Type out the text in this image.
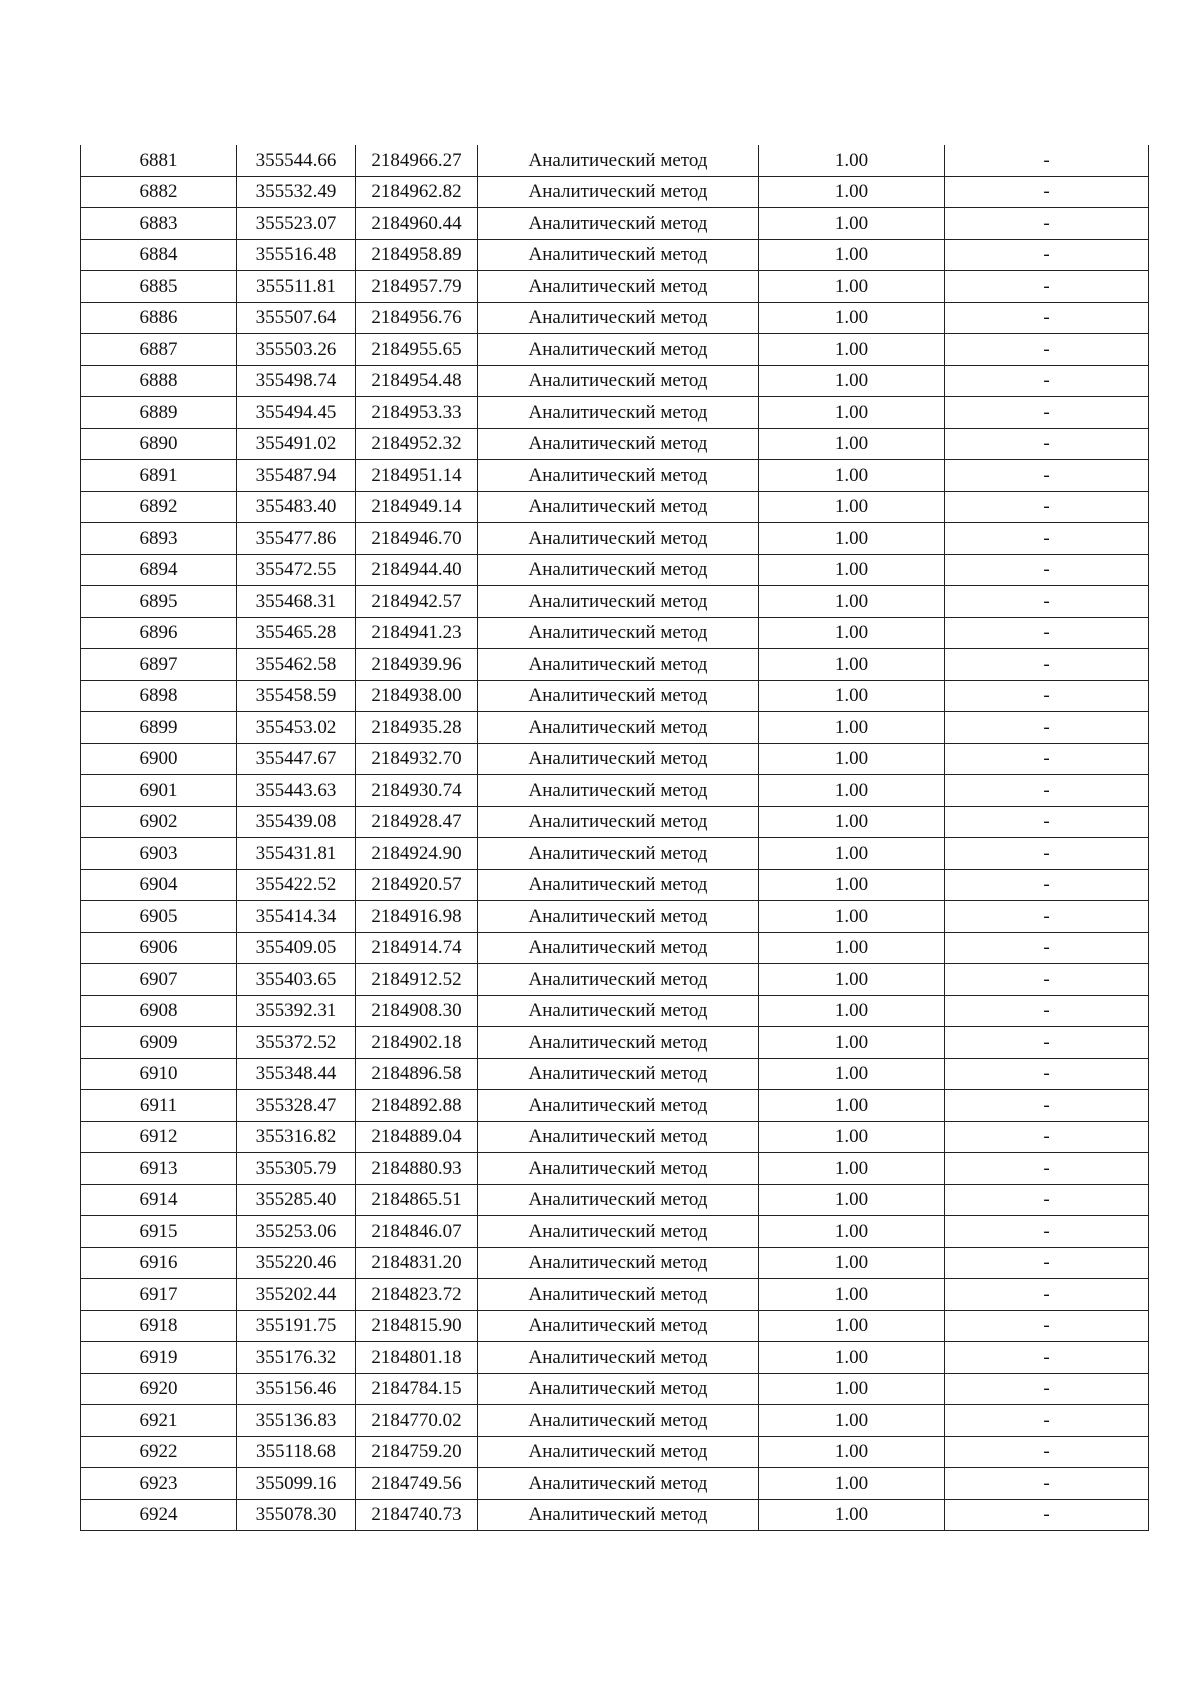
6881	355544.66	2184966.27	Аналитический метод	1.00	-
6882	355532.49	2184962.82	Аналитический метод	1.00	-
6883	355523.07	2184960.44	Аналитический метод	1.00	-
6884	355516.48	2184958.89	Аналитический метод	1.00	-
6885	355511.81	2184957.79	Аналитический метод	1.00	-
6886	355507.64	2184956.76	Аналитический метод	1.00	-
6887	355503.26	2184955.65	Аналитический метод	1.00	-
6888	355498.74	2184954.48	Аналитический метод	1.00	-
6889	355494.45	2184953.33	Аналитический метод	1.00	-
6890	355491.02	2184952.32	Аналитический метод	1.00	-
6891	355487.94	2184951.14	Аналитический метод	1.00	-
6892	355483.40	2184949.14	Аналитический метод	1.00	-
6893	355477.86	2184946.70	Аналитический метод	1.00	-
6894	355472.55	2184944.40	Аналитический метод	1.00	-
6895	355468.31	2184942.57	Аналитический метод	1.00	-
6896	355465.28	2184941.23	Аналитический метод	1.00	-
6897	355462.58	2184939.96	Аналитический метод	1.00	-
6898	355458.59	2184938.00	Аналитический метод	1.00	-
6899	355453.02	2184935.28	Аналитический метод	1.00	-
6900	355447.67	2184932.70	Аналитический метод	1.00	-
6901	355443.63	2184930.74	Аналитический метод	1.00	-
6902	355439.08	2184928.47	Аналитический метод	1.00	-
6903	355431.81	2184924.90	Аналитический метод	1.00	-
6904	355422.52	2184920.57	Аналитический метод	1.00	-
6905	355414.34	2184916.98	Аналитический метод	1.00	-
6906	355409.05	2184914.74	Аналитический метод	1.00	-
6907	355403.65	2184912.52	Аналитический метод	1.00	-
6908	355392.31	2184908.30	Аналитический метод	1.00	-
6909	355372.52	2184902.18	Аналитический метод	1.00	-
6910	355348.44	2184896.58	Аналитический метод	1.00	-
6911	355328.47	2184892.88	Аналитический метод	1.00	-
6912	355316.82	2184889.04	Аналитический метод	1.00	-
6913	355305.79	2184880.93	Аналитический метод	1.00	-
6914	355285.40	2184865.51	Аналитический метод	1.00	-
6915	355253.06	2184846.07	Аналитический метод	1.00	-
6916	355220.46	2184831.20	Аналитический метод	1.00	-
6917	355202.44	2184823.72	Аналитический метод	1.00	-
6918	355191.75	2184815.90	Аналитический метод	1.00	-
6919	355176.32	2184801.18	Аналитический метод	1.00	-
6920	355156.46	2184784.15	Аналитический метод	1.00	-
6921	355136.83	2184770.02	Аналитический метод	1.00	-
6922	355118.68	2184759.20	Аналитический метод	1.00	-
6923	355099.16	2184749.56	Аналитический метод	1.00	-
6924	355078.30	2184740.73	Аналитический метод	1.00	-
